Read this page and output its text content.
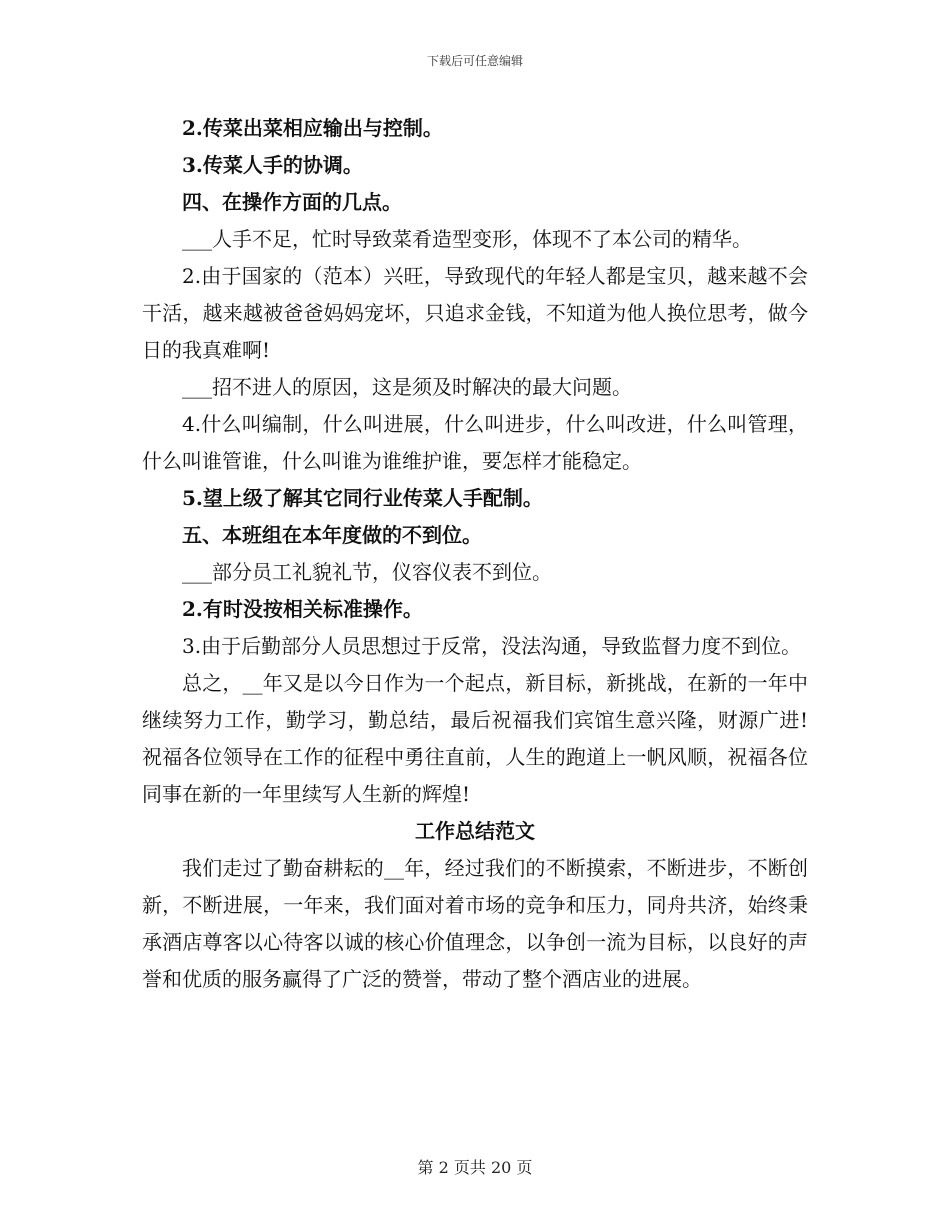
下载后可任意编辑

2.传菜出菜相应输出与控制。

3.传菜人手的协调。

四、在操作方面的几点。

___人手不足，忙时导致菜肴造型变形，体现不了本公司的精华。

2.由于国家的（范本）兴旺，导致现代的年轻人都是宝贝，越来越不会干活，越来越被爸爸妈妈宠坏，只追求金钱，不知道为他人换位思考，做今日的我真难啊!

___招不进人的原因，这是须及时解决的最大问题。

4.什么叫编制，什么叫进展，什么叫进步，什么叫改进，什么叫管理，什么叫谁管谁，什么叫谁为谁维护谁，要怎样才能稳定。

5.望上级了解其它同行业传菜人手配制。

五、本班组在本年度做的不到位。

___部分员工礼貌礼节，仪容仪表不到位。

2.有时没按相关标准操作。

3.由于后勤部分人员思想过于反常，没法沟通，导致监督力度不到位。

总之，__年又是以今日作为一个起点，新目标，新挑战，在新的一年中继续努力工作，勤学习，勤总结，最后祝福我们宾馆生意兴隆，财源广进!祝福各位领导在工作的征程中勇往直前，人生的跑道上一帆风顺，祝福各位同事在新的一年里续写人生新的辉煌!

工作总结范文

我们走过了勤奋耕耘的__年，经过我们的不断摸索，不断进步，不断创新，不断进展，一年来，我们面对着市场的竞争和压力，同舟共济，始终秉承酒店尊客以心待客以诚的核心价值理念，以争创一流为目标，以良好的声誉和优质的服务赢得了广泛的赞誉，带动了整个酒店业的进展。

第 2 页共 20 页
